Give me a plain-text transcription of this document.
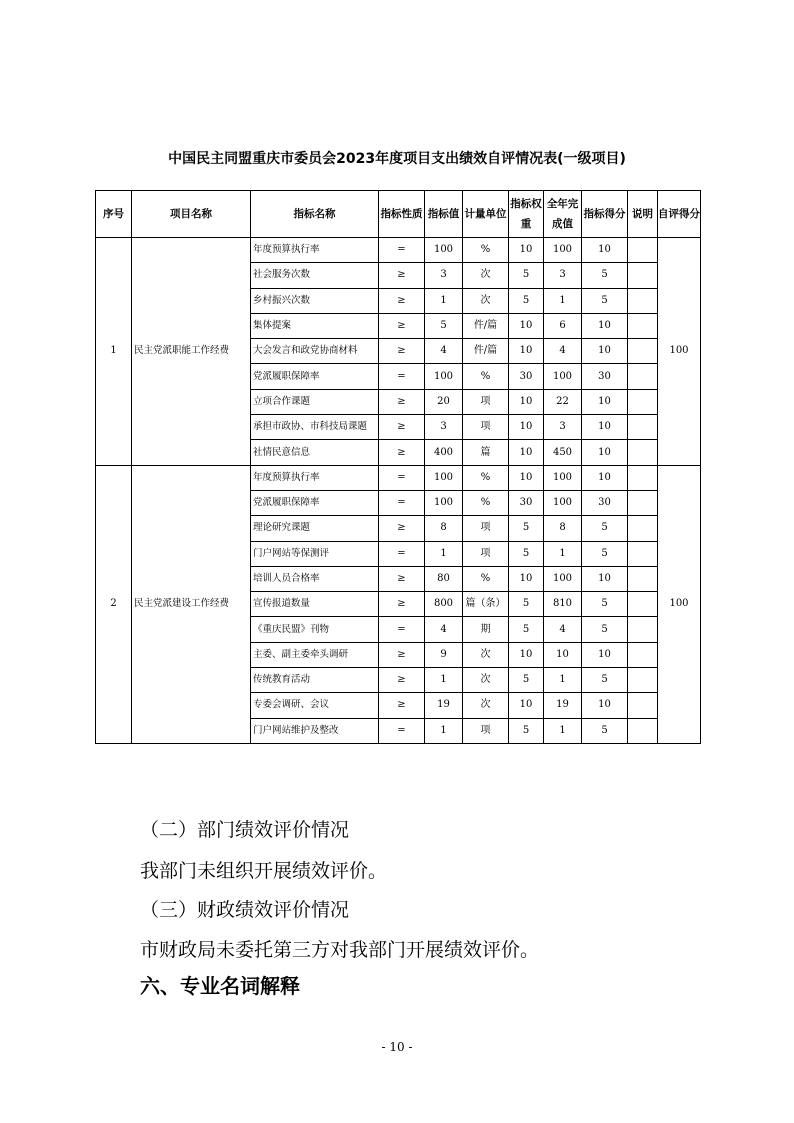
中国民主同盟重庆市委员会2023年度项目支出绩效自评情况表(一级项目)
序号	项目名称	指标名称	指标性质	指标值	计量单位	指标权重	全年完成值	指标得分	说明	自评得分
1	民主党派职能工作经费	年度预算执行率	=	100	%	10	100	10		100
		社会服务次数	≥	3	次	5	3	5		
		乡村振兴次数	≥	1	次	5	1	5		
		集体提案	≥	5	件/篇	10	6	10		
		大会发言和政党协商材料	≥	4	件/篇	10	4	10		
		党派履职保障率	=	100	%	30	100	30		
		立项合作课题	≥	20	项	10	22	10		
		承担市政协、市科技局课题	≥	3	项	10	3	10		
		社情民意信息	≥	400	篇	10	450	10		
2	民主党派建设工作经费	年度预算执行率	=	100	%	10	100	10		100
		党派履职保障率	=	100	%	30	100	30		
		理论研究课题	≥	8	项	5	8	5		
		门户网站等保测评	=	1	项	5	1	5		
		培训人员合格率	≥	80	%	10	100	10		
		宣传报道数量	≥	800	篇（条）	5	810	5		
		《重庆民盟》刊物	=	4	期	5	4	5		
		主委、副主委牵头调研	≥	9	次	10	10	10		
		传统教育活动	≥	1	次	5	1	5		
		专委会调研、会议	≥	19	次	10	19	10		
		门户网站维护及整改	=	1	项	5	1	5		
（二）部门绩效评价情况
我部门未组织开展绩效评价。
（三）财政绩效评价情况
市财政局未委托第三方对我部门开展绩效评价。
六、专业名词解释
- 10 -
